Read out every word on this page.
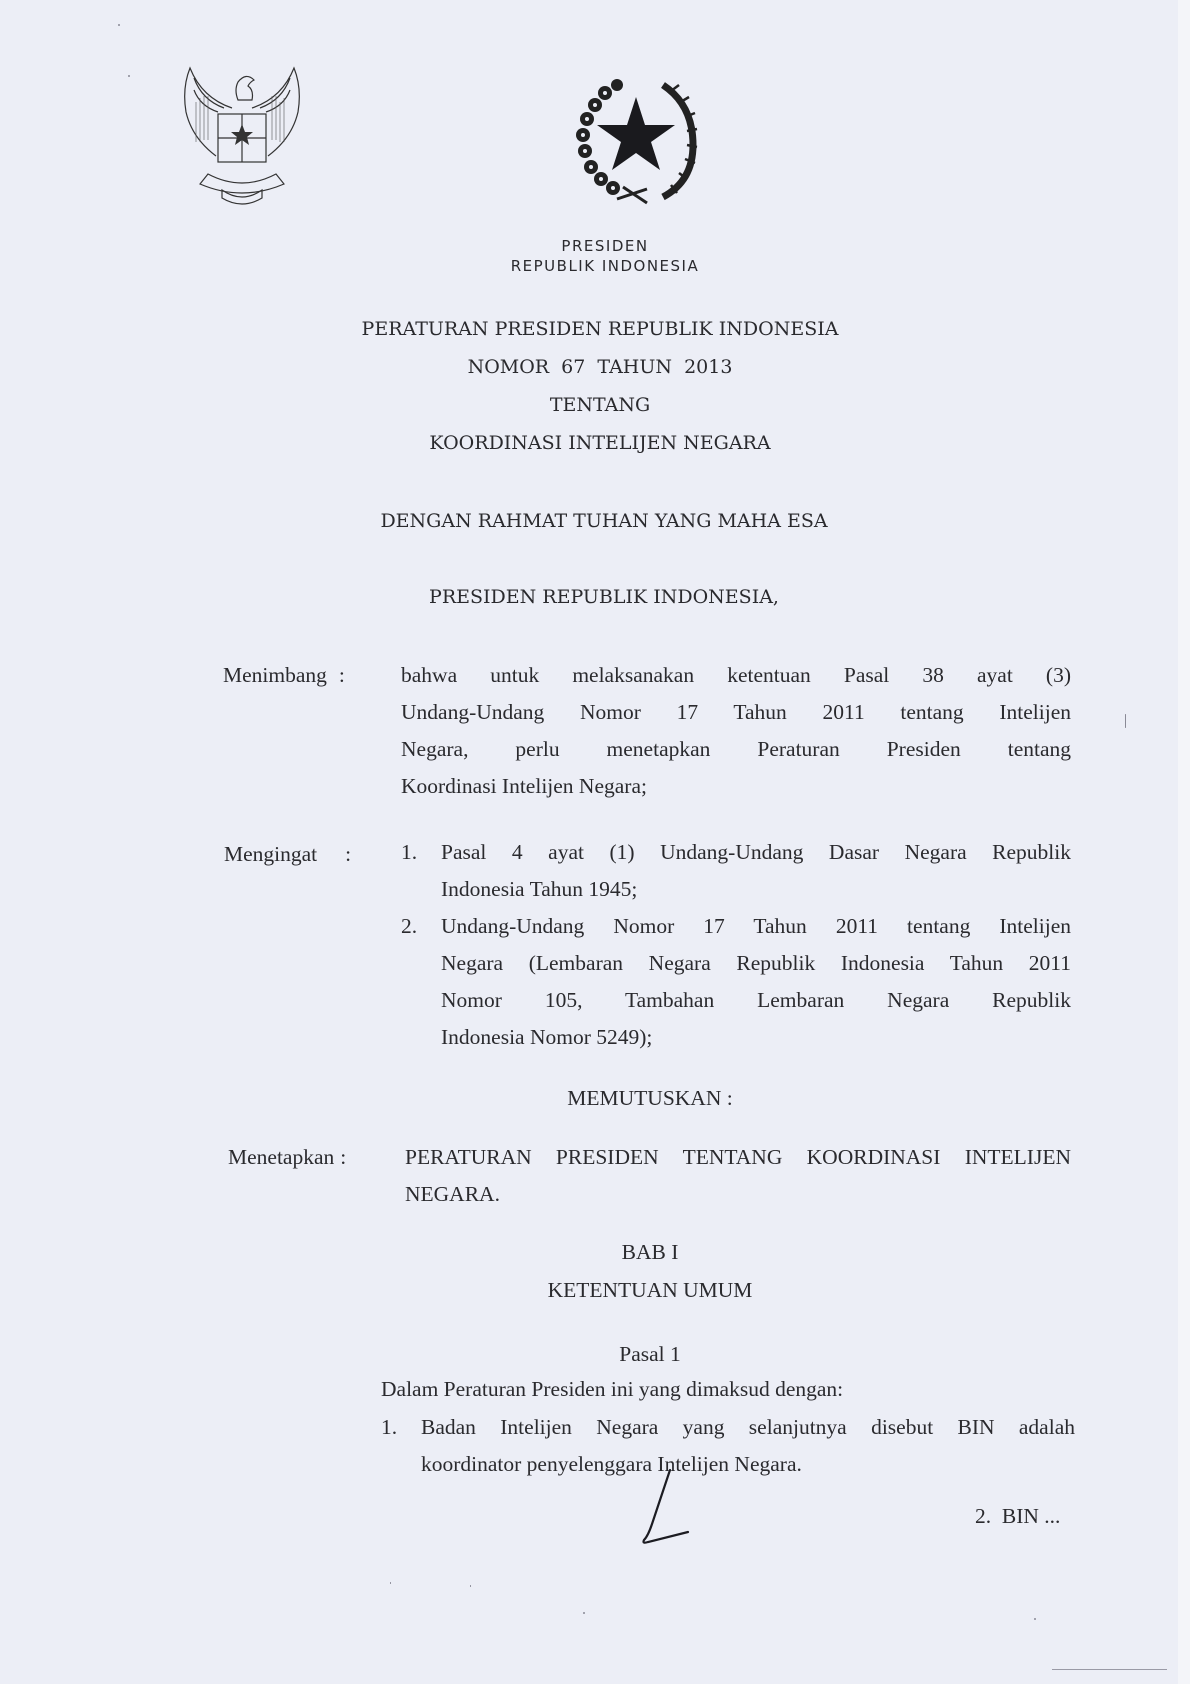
PRESIDEN
REPUBLIK INDONESIA
PERATURAN PRESIDEN REPUBLIK INDONESIA
NOMOR  67  TAHUN  2013
TENTANG
KOORDINASI INTELIJEN NEGARA
DENGAN RAHMAT TUHAN YANG MAHA ESA
PRESIDEN REPUBLIK INDONESIA,
Menimbang :	bahwa untuk melaksanakan ketentuan Pasal 38 ayat (3)
Undang-Undang Nomor 17 Tahun 2011 tentang Intelijen
Negara, perlu menetapkan Peraturan Presiden tentang
Koordinasi Intelijen Negara;
Mengingat : 1. Pasal 4 ayat (1) Undang-Undang Dasar Negara Republik
Indonesia Tahun 1945;
2. Undang-Undang Nomor 17 Tahun 2011 tentang Intelijen
Negara (Lembaran Negara Republik Indonesia Tahun 2011
Nomor 105, Tambahan Lembaran Negara Republik
Indonesia Nomor 5249);
MEMUTUSKAN :
Menetapkan :	PERATURAN PRESIDEN TENTANG KOORDINASI INTELIJEN
NEGARA.
BAB I
KETENTUAN UMUM
Pasal 1
Dalam Peraturan Presiden ini yang dimaksud dengan:
1. Badan Intelijen Negara yang selanjutnya disebut BIN adalah
koordinator penyelenggara Intelijen Negara.
2.  BIN ...
